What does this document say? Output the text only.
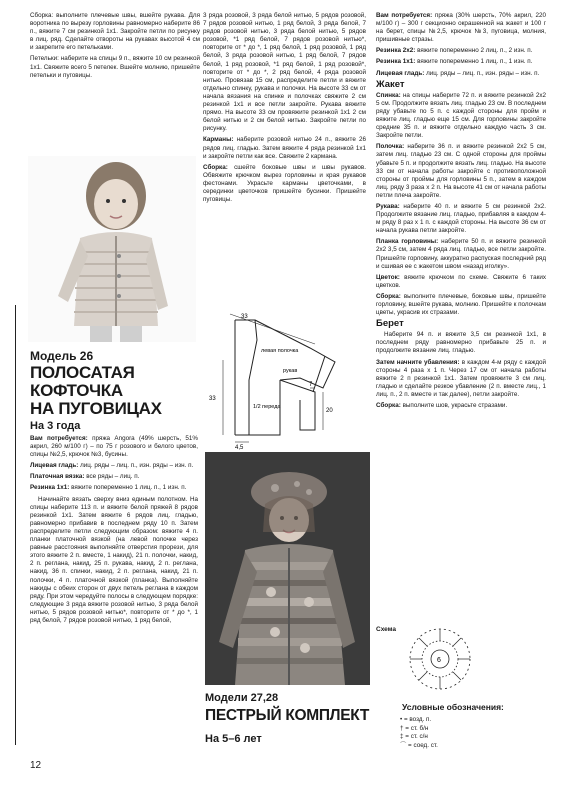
Сборка: выполните плечевые швы, вшейте рукава. Для воротника по вырезу горловины равномерно наберите 86 п., вяжите 7 см резинкой 1х1. Закройте петли по рисунку в лиц. ряд. Сделайте отвороты на рукавах высотой 4 см и закрепите его петельками.

Петельки: наберите на спицы 9 п., вяжите 10 см резинкой 1х1. Свяжите всего 5 петелек. Вшейте молнию, пришейте петельки и пуговицы.

Модель 26
ПОЛОСАТАЯ
КОФТОЧКА
НА ПУГОВИЦАХ
На 3 года

Вам потребуется: пряжа Angora (49% шерсть, 51% акрил, 260 м/100 г) – по 75 г розового и белого цветов, спицы №2,5, крючок №3, бусины.

Лицевая гладь: лиц. ряды – лиц. п., изн. ряды – изн. п.

Платочная вязка: все ряды – лиц. п.

Резинка 1х1: вяжите попеременно 1 лиц. п., 1 изн. п.

Начинайте вязать сверху вниз единым полотном. На спицы наберите 113 п. и вяжите белой пряжей 8 рядов резинкой 1х1. Затем вяжите 6 рядов лиц. гладью, равномерно прибавив в последнем ряду 10 п. Затем распределите петли следующим образом: вяжите 4 п. планки платочной вязкой (на левой полочке через равные расстояния выполняйте отверстия прорези, для этого вяжите 2 п. вместе, 1 накид), 21 п. полочки, накид, 2 п. реглана, накид, 25 п. рукава, накид, 2 п. реглана, накид, 36 п. спинки, накид, 2 п. реглана, накид, 21 п. полочки, 4 п. платочной вязкой (планка). Выполняйте накиды с обеих сторон от двух петель реглана в каждом ряду. При этом чередуйте полосы в следующем порядке: следующие 3 ряда вяжите розовой нитью, 3 ряда белой нитью, 5 рядов розовой нитью*, повторите от * до *, 1 ряд белой, 7 рядов розовой нитью, 1 ряд белой,

3 ряда розовой, 3 ряда белой нитью, 5 рядов розовой, 7 рядов розовой нитью, 1 ряд белой, 3 ряда белой, 7 рядов розовой нитью, 3 ряда белой нитью, 5 рядов розовой, *1 ряд белой, 7 рядов розовой нитью*, повторите от * до *, 1 ряд белой, 1 ряд розовой, 1 ряд белой, 3 ряда розовой нитью, 1 ряд белой, 7 рядов белой, 1 ряд розовой, *1 ряд белой, 1 ряд розовой*, повторите от * до *, 2 ряд белой, 4 ряда розовой нитью. Провязав 15 см, распределите петли и вяжите отдельно спинку, рукава и полочки. На высоте 33 см от начала вязания на спинке и полочках свяжите 2 см резинкой 1х1 и все петли закройте. Рукава вяжите прямо. На высоте 33 см провяжите резинкой 1х1 2 см белой нитью и 2 см белой нитью. Закройте петли по рисунку.

Карманы: наберите розовой нитью 24 п., вяжите 26 рядов лиц. гладью. Затем вяжите 4 ряда резинкой 1х1 и закройте петли как все. Свяжите 2 кармана.

Сборка: сшейте боковые швы и швы рукавов. Обвяжите крючком вырез горловины и края рукавов фестонами. Украсьте карманы цветочками, в серединки цветочков пришейте бусинки. Пришейте пуговицы.

33
33
20
7
4,5
левая полочка
рукав
1/2 переда
Модели 27,28
ПЕСТРЫЙ КОМПЛЕКТ
На 5–6 лет

Вам потребуется: пряжа (30% шерсть, 70% акрил, 220 м/100 г) – 300 г секционно окрашенной на жакет и 100 г на берет, спицы №2,5, крючок №3, пуговица, молния, пришивные стразы.

Резинка 2х2: вяжите попеременно 2 лиц. п., 2 изн. п.

Резинка 1х1: вяжите попеременно 1 лиц. п., 1 изн. п.

Лицевая гладь: лиц. ряды – лиц. п., изн. ряды – изн. п.

Жакет

Спинка: на спицы наберите 72 п. и вяжите резинкой 2х2 5 см. Продолжите вязать лиц. гладью 23 см. В последнем ряду убавьте по 5 п. с каждой стороны для пройм и вяжите лиц. гладью еще 15 см. Для горловины закройте средние 35 п. и вяжите отдельно каждую часть 3 см. Закройте петли.

Полочка: наберите 36 п. и вяжите резинкой 2х2 5 см, затем лиц. гладью 23 см. С одной стороны для проймы убавьте 5 п. и продолжите вязать лиц. гладью. На высоте 33 см от начала работы закройте с противоположной стороны от проймы для горловины 5 п., затем в каждом лиц. ряду 3 раза х 2 п. На высоте 41 см от начала работы петли плеча закройте.

Рукава: наберите 40 п. и вяжите 5 см резинкой 2х2. Продолжите вязание лиц. гладью, прибавляя в каждом 4-м ряду 8 раз х 1 п. с каждой стороны. На высоте 36 см от начала рукава петли закройте.

Планка горловины: наберите 50 п. и вяжите резинкой 2х2 3,5 см, затем 4 ряда лиц. гладью, все петли закройте. Пришейте горловину, аккуратно распуская последний ряд и сшивая ее с жакетом швом «назад иголку».

Цветок: вяжите крючком по схеме. Свяжите 6 таких цветков.

Сборка: выполните плечевые, боковые швы, пришейте горловину, вшейте рукава, молнию. Пришейте к полочкам цветы, украсив их стразами.

Берет

Наберите 94 п. и вяжите 3,5 см резинкой 1х1, в последнем ряду равномерно прибавьте 25 п. и продолжите вязание лиц. гладью.

Затем начните убавления: в каждом 4-м ряду с каждой стороны 4 раза х 1 п. Через 17 см от начала работы вяжите 2 п резинкой 1х1. Затем провяжите 3 см лиц. гладью и сделайте резкое убавление (2 п. вместе лиц., 1 лиц. п., 2 п. вместе и так далее), петли закройте.

Сборка: выполните шов, украсьте стразами.

Схема
6
Условные обозначения:
• = возд. п.
† = ст. б/н
‡ = ст. с/н
⌒ = соед. ст.
12
